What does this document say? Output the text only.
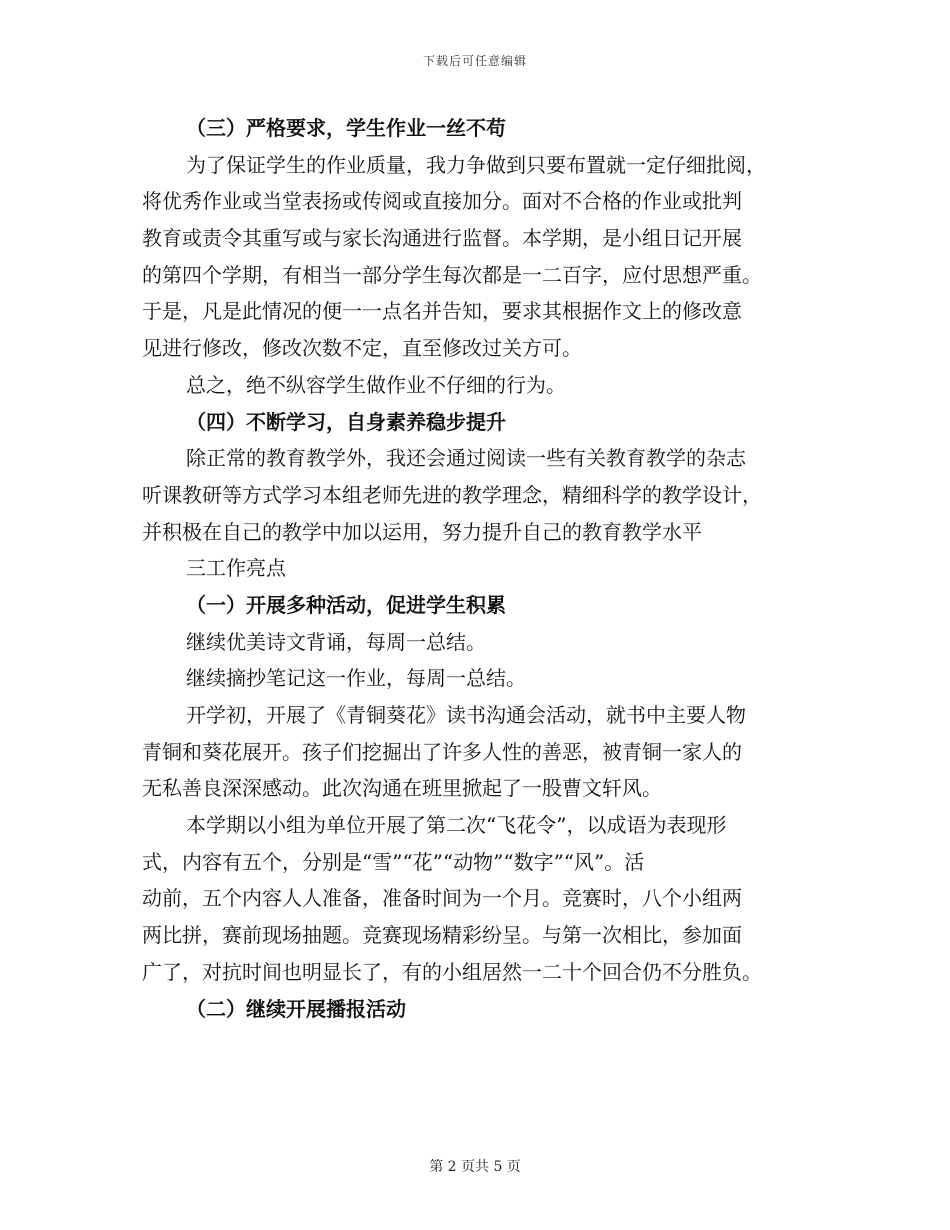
下载后可任意编辑
（三）严格要求，学生作业一丝不苟
为了保证学生的作业质量，我力争做到只要布置就一定仔细批阅，
将优秀作业或当堂表扬或传阅或直接加分。面对不合格的作业或批判
教育或责令其重写或与家长沟通进行监督。本学期，是小组日记开展
的第四个学期，有相当一部分学生每次都是一二百字，应付思想严重。
于是，凡是此情况的便一一点名并告知，要求其根据作文上的修改意
见进行修改，修改次数不定，直至修改过关方可。
总之，绝不纵容学生做作业不仔细的行为。
（四）不断学习，自身素养稳步提升
除正常的教育教学外，我还会通过阅读一些有关教育教学的杂志
听课教研等方式学习本组老师先进的教学理念，精细科学的教学设计，
并积极在自己的教学中加以运用，努力提升自己的教育教学水平
三工作亮点
（一）开展多种活动，促进学生积累
继续优美诗文背诵，每周一总结。
继续摘抄笔记这一作业，每周一总结。
开学初，开展了《青铜葵花》读书沟通会活动，就书中主要人物
青铜和葵花展开。孩子们挖掘出了许多人性的善恶，被青铜一家人的
无私善良深深感动。此次沟通在班里掀起了一股曹文轩风。
本学期以小组为单位开展了第二次“飞花令”，以成语为表现形
式，内容有五个，分别是“雪”“花”“动物”“数字”“风”。活
动前，五个内容人人准备，准备时间为一个月。竞赛时，八个小组两
两比拼，赛前现场抽题。竞赛现场精彩纷呈。与第一次相比，参加面
广了，对抗时间也明显长了，有的小组居然一二十个回合仍不分胜负。
（二）继续开展播报活动
第 2 页共 5 页
